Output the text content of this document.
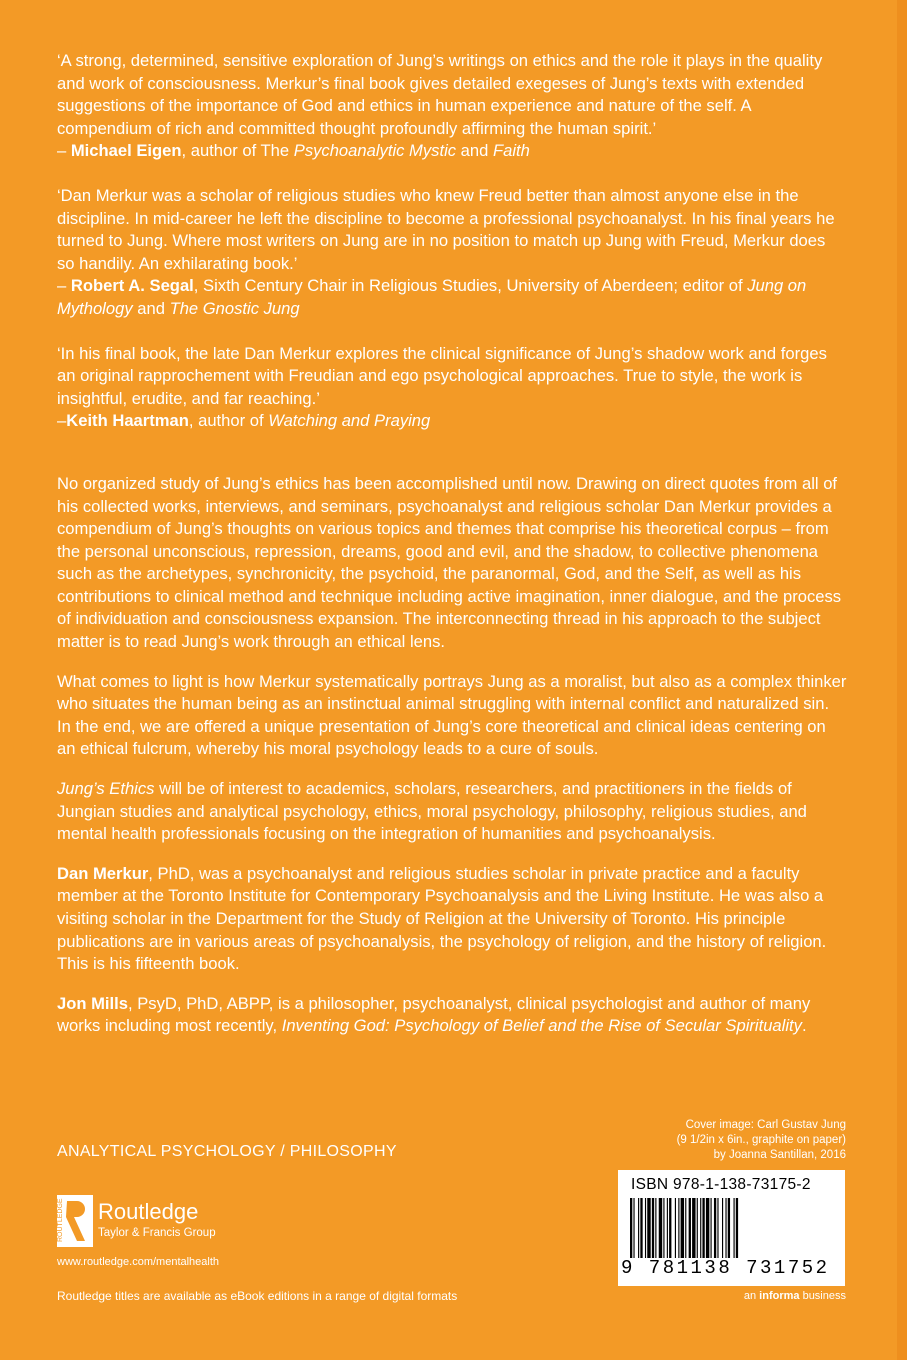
‘A strong, determined, sensitive exploration of Jung’s writings on ethics and the role it plays in the quality and work of consciousness. Merkur’s final book gives detailed exegeses of Jung’s texts with extended suggestions of the importance of God and ethics in human experience and nature of the self. A compendium of rich and committed thought profoundly affirming the human spirit.’
– Michael Eigen, author of The Psychoanalytic Mystic and Faith

‘Dan Merkur was a scholar of religious studies who knew Freud better than almost anyone else in the discipline. In mid-career he left the discipline to become a professional psychoanalyst. In his final years he turned to Jung. Where most writers on Jung are in no position to match up Jung with Freud, Merkur does so handily. An exhilarating book.’
– Robert A. Segal, Sixth Century Chair in Religious Studies, University of Aberdeen; editor of Jung on Mythology and The Gnostic Jung

‘In his final book, the late Dan Merkur explores the clinical significance of Jung’s shadow work and forges an original rapprochement with Freudian and ego psychological approaches. True to style, the work is insightful, erudite, and far reaching.’
–Keith Haartman, author of Watching and Praying

No organized study of Jung’s ethics has been accomplished until now. Drawing on direct quotes from all of his collected works, interviews, and seminars, psychoanalyst and religious scholar Dan Merkur provides a compendium of Jung’s thoughts on various topics and themes that comprise his theoretical corpus – from the personal unconscious, repression, dreams, good and evil, and the shadow, to collective phenomena such as the archetypes, synchronicity, the psychoid, the paranormal, God, and the Self, as well as his contributions to clinical method and technique including active imagination, inner dialogue, and the process of individuation and consciousness expansion. The interconnecting thread in his approach to the subject matter is to read Jung’s work through an ethical lens.

What comes to light is how Merkur systematically portrays Jung as a moralist, but also as a complex thinker who situates the human being as an instinctual animal struggling with internal conflict and naturalized sin. In the end, we are offered a unique presentation of Jung’s core theoretical and clinical ideas centering on an ethical fulcrum, whereby his moral psychology leads to a cure of souls.

Jung’s Ethics will be of interest to academics, scholars, researchers, and practitioners in the fields of Jungian studies and analytical psychology, ethics, moral psychology, philosophy, religious studies, and mental health professionals focusing on the integration of humanities and psychoanalysis.

Dan Merkur, PhD, was a psychoanalyst and religious studies scholar in private practice and a faculty member at the Toronto Institute for Contemporary Psychoanalysis and the Living Institute. He was also a visiting scholar in the Department for the Study of Religion at the University of Toronto. His principle publications are in various areas of psychoanalysis, the psychology of religion, and the history of religion. This is his fifteenth book.

Jon Mills, PsyD, PhD, ABPP, is a philosopher, psychoanalyst, clinical psychologist and author of many works including most recently, Inventing God: Psychology of Belief and the Rise of Secular Spirituality.

Cover image: Carl Gustav Jung
(9 1/2in x 6in., graphite on paper)
by Joanna Santillan, 2016
ANALYTICAL PSYCHOLOGY / PHILOSOPHY
ROUTLEDGE Routledge
Taylor & Francis Group
www.routledge.com/mentalhealth
Routledge titles are available as eBook editions in a range of digital formats
ISBN 978-1-138-73175-2
9 781138 731752
an informa business
